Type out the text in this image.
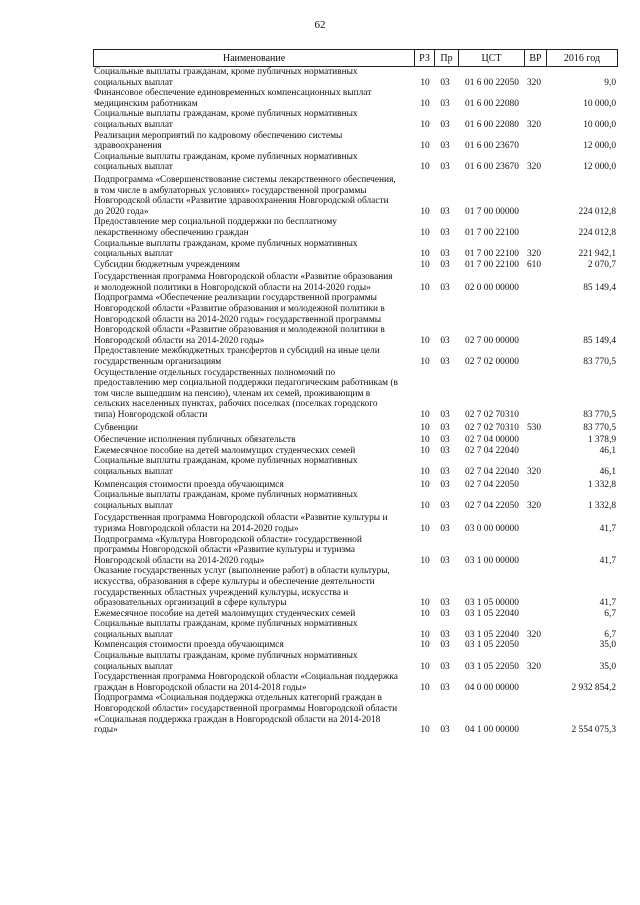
62
Наименование	РЗ	Пр	ЦСТ	ВР	2016 год
Социальные выплаты гражданам, кроме публичных нормативных социальных выплат	10	03	01 6 00 22050 320	9,0
Финансовое обеспечение единовременных компенсационных выплат медицинским работникам	10	03	01 6 00 22080	10 000,0
Социальные выплаты гражданам, кроме публичных нормативных социальных выплат	10	03	01 6 00 22080 320	10 000,0
Реализация мероприятий по кадровому обеспечению системы здравоохранения	10	03	01 6 00 23670	12 000,0
Социальные выплаты гражданам, кроме публичных нормативных социальных выплат	10	03	01 6 00 23670 320	12 000,0
Подпрограмма «Совершенствование системы лекарственного обеспечения, в том числе в амбулаторных условиях» государственной программы Новгородской области «Развитие здравоохранения Новгородской области до 2020 года»	10	03	01 7 00 00000	224 012,8
Предоставление мер социальной поддержки по бесплатному лекарственному обеспечению граждан	10	03	01 7 00 22100	224 012,8
Социальные выплаты гражданам, кроме публичных нормативных социальных выплат	10	03	01 7 00 22100 320	221 942,1
Субсидии бюджетным учреждениям	10	03	01 7 00 22100 610	2 070,7
Государственная программа Новгородской области «Развитие образования и молодежной политики в Новгородской области на 2014-2020 годы»	10	03	02 0 00 00000	85 149,4
Подпрограмма «Обеспечение реализации государственной программы Новгородской области «Развитие образования и молодежной политики в Новгородской области на 2014-2020 годы» государственной программы Новгородской области «Развитие образования и молодежной политики в Новгородской области на 2014-2020 годы»	10	03	02 7 00 00000	85 149,4
Предоставление межбюджетных трансфертов и субсидий на иные цели государственным организациям	10	03	02 7 02 00000	83 770,5
Осуществление отдельных государственных полномочий по предоставлению мер социальной поддержки педагогическим работникам (в том числе вышедшим на пенсию), членам их семей, проживающим в сельских населенных пунктах, рабочих поселках (поселках городского типа) Новгородской области	10	03	02 7 02 70310	83 770,5
Субвенции	10	03	02 7 02 70310 530	83 770,5
Обеспечение исполнения публичных обязательств	10	03	02 7 04 00000	1 378,9
Ежемесячное пособие на детей малоимущих студенческих семей	10	03	02 7 04 22040	46,1
Социальные выплаты гражданам, кроме публичных нормативных социальных выплат	10	03	02 7 04 22040 320	46,1
Компенсация стоимости проезда обучающимся	10	03	02 7 04 22050	1 332,8
Социальные выплаты гражданам, кроме публичных нормативных социальных выплат	10	03	02 7 04 22050 320	1 332,8
Государственная программа Новгородской области «Развитие культуры и туризма Новгородской области на 2014-2020 годы»	10	03	03 0 00 00000	41,7
Подпрограмма «Культура Новгородской области» государственной программы Новгородской области «Развитие культуры и туризма Новгородской области на 2014-2020 годы»	10	03	03 1 00 00000	41,7
Оказание государственных услуг (выполнение работ) в области культуры, искусства, образования в сфере культуры и обеспечение деятельности государственных областных учреждений культуры, искусства и образовательных организаций в сфере культуры	10	03	03 1 05 00000	41,7
Ежемесячное пособие на детей малоимущих студенческих семей	10	03	03 1 05 22040	6,7
Социальные выплаты гражданам, кроме публичных нормативных социальных выплат	10	03	03 1 05 22040 320	6,7
Компенсация стоимости проезда обучающимся	10	03	03 1 05 22050	35,0
Социальные выплаты гражданам, кроме публичных нормативных социальных выплат	10	03	03 1 05 22050 320	35,0
Государственная программа Новгородской области «Социальная поддержка граждан в Новгородской области на 2014-2018 годы»	10	03	04 0 00 00000	2 932 854,2
Подпрограмма «Социальная поддержка отдельных категорий граждан в Новгородской области» государственной программы Новгородской области «Социальная поддержка граждан в Новгородской области на 2014-2018 годы»	10	03	04 1 00 00000	2 554 075,3
